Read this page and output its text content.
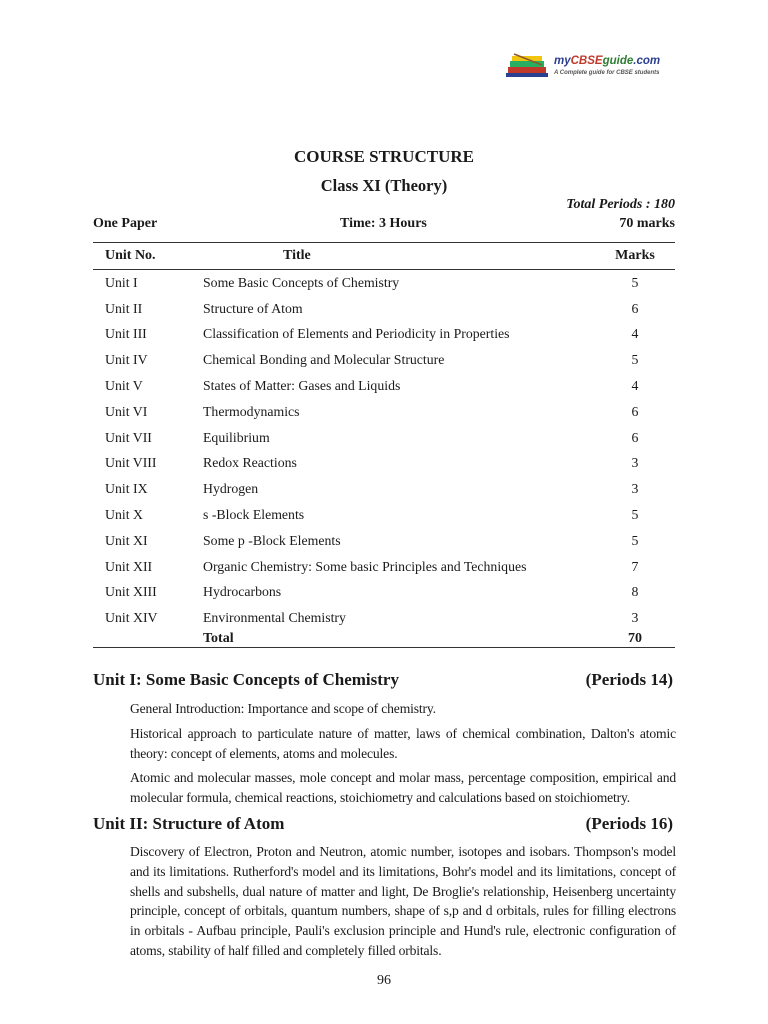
myCBSEguide.com
A Complete guide for CBSE students
COURSE STRUCTURE
Class XI (Theory)
Total Periods : 180
One Paper	Time: 3 Hours	70 marks
Unit No.	Title	Marks
Unit I	Some Basic Concepts of Chemistry	5
Unit II	Structure of Atom	6
Unit III	Classification of Elements and Periodicity in Properties	4
Unit IV	Chemical Bonding and Molecular Structure	5
Unit V	States of Matter: Gases and Liquids	4
Unit VI	Thermodynamics	6
Unit VII	Equilibrium	6
Unit VIII	Redox Reactions	3
Unit IX	Hydrogen	3
Unit X	s -Block Elements	5
Unit XI	Some p -Block Elements	5
Unit XII	Organic Chemistry: Some basic Principles and Techniques	7
Unit XIII	Hydrocarbons	8
Unit XIV	Environmental Chemistry	3
Total	70
Unit I: Some Basic Concepts of Chemistry	(Periods 14)
General Introduction: Importance and scope of chemistry.
Historical approach to particulate nature of matter, laws of chemical combination, Dalton's atomic theory: concept of elements, atoms and molecules.
Atomic and molecular masses, mole concept and molar mass, percentage composition, empirical and molecular formula, chemical reactions, stoichiometry and calculations based on stoichiometry.
Unit II: Structure of Atom	(Periods 16)
Discovery of Electron, Proton and Neutron, atomic number, isotopes and isobars. Thompson's model and its limitations. Rutherford's model and its limitations, Bohr's model and its limitations, concept of shells and subshells, dual nature of matter and light, De Broglie's relationship, Heisenberg uncertainty principle, concept of orbitals, quantum numbers, shape of s,p and d orbitals, rules for filling electrons in orbitals - Aufbau principle, Pauli's exclusion principle and Hund's rule, electronic configuration of atoms, stability of half filled and completely filled orbitals.
96
